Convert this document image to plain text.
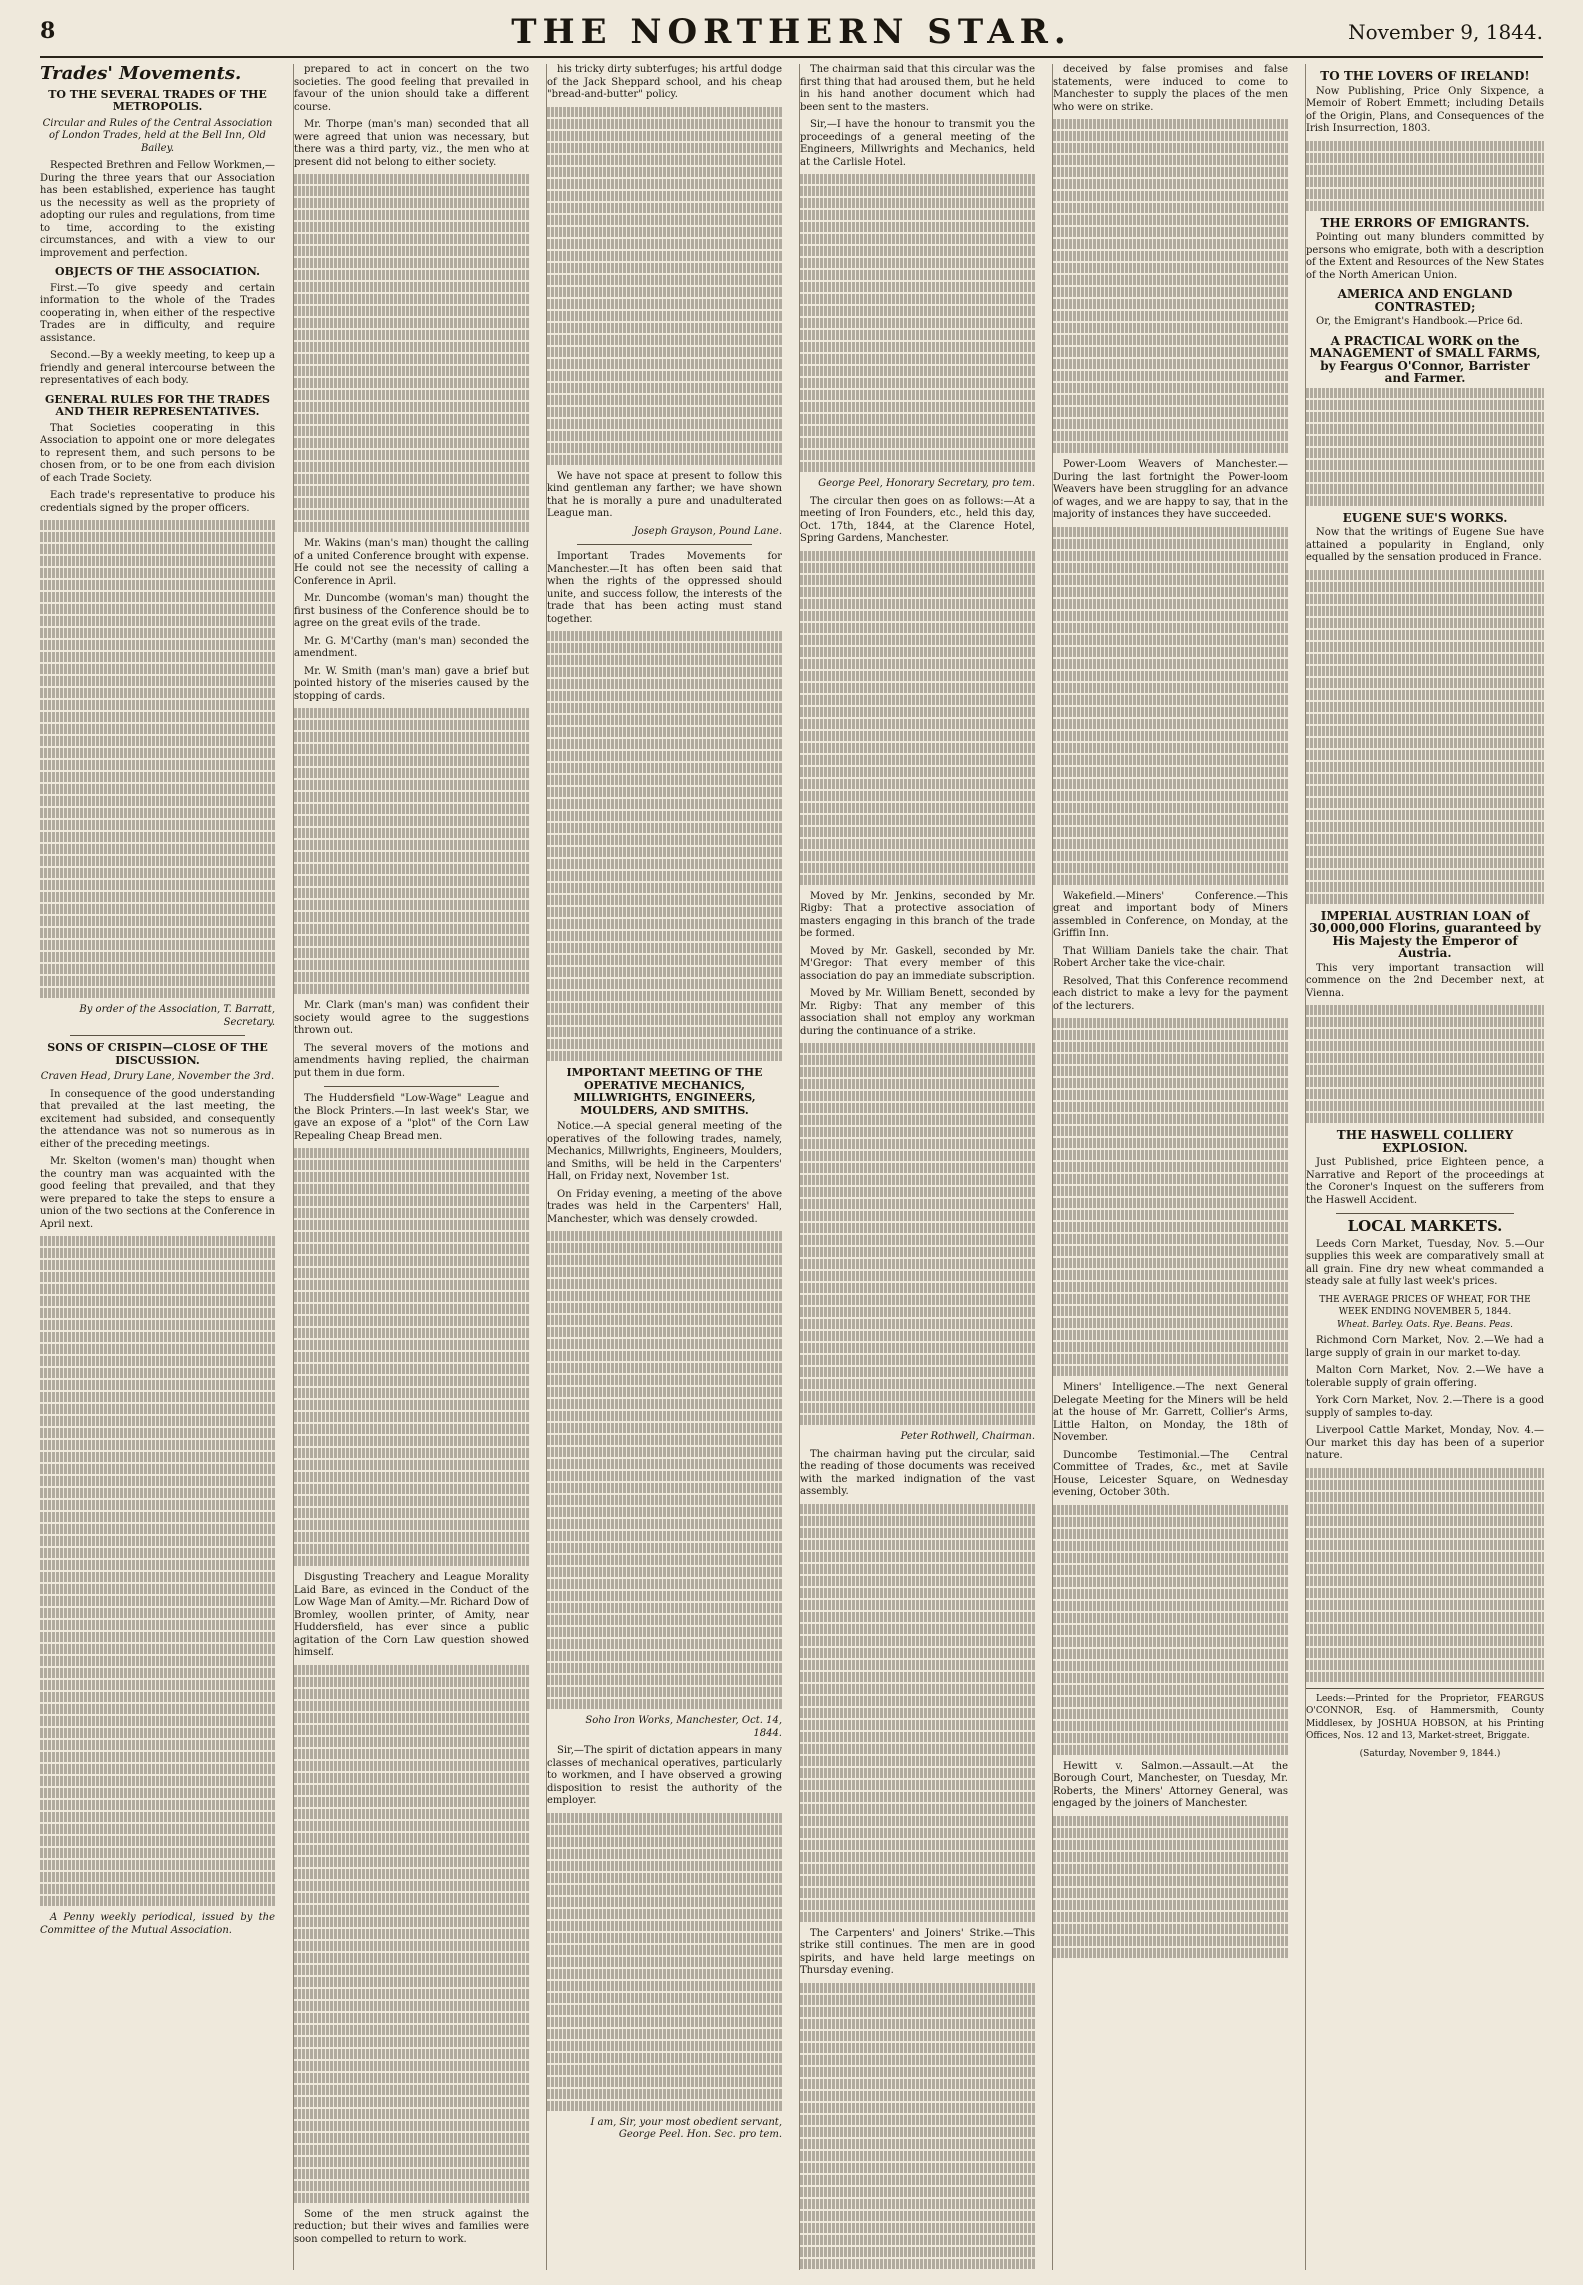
8	THE NORTHERN STAR.	November 9, 1844.
Trades' Movements.
TO THE SEVERAL TRADES OF THE METROPOLIS.

Circular and Rules of the Central Association of London Trades, held at the Bell Inn, Old Bailey.

Respected Brethren and Fellow Workmen,—During the three years that our Association has been established, experience has taught us the necessity as well as the propriety of adopting our rules and regulations, from time to time, according to the existing circumstances, and with a view to our improvement and perfection.

OBJECTS OF THE ASSOCIATION.

First.—To give speedy and certain information to the whole of the Trades cooperating in, when either of the respective Trades are in difficulty, and require assistance.

Second.—By a weekly meeting, to keep up a friendly and general intercourse between the representatives of each body.

GENERAL RULES FOR THE TRADES AND THEIR REPRESENTATIVES.

That Societies cooperating in this Association to appoint one or more delegates to represent them, and such persons to be chosen from, or to be one from each division of each Trade Society.

Each trade's representative to produce his credentials signed by the proper officers.

By order of the Association, T. Barratt, Secretary.

SONS OF CRISPIN—CLOSE OF THE DISCUSSION.

Craven Head, Drury Lane, November the 3rd.

In consequence of the good understanding that prevailed at the last meeting, the excitement had subsided, and consequently the attendance was not so numerous as in either of the preceding meetings.

Mr. Skelton (women's man) thought when the country man was acquainted with the good feeling that prevailed, and that they were prepared to take the steps to ensure a union of the two sections at the Conference in April next.

A Penny weekly periodical, issued by the Committee of the Mutual Association.

prepared to act in concert on the two societies. The good feeling that prevailed in favour of the union should take a different course.

Mr. Thorpe (man's man) seconded that all were agreed that union was necessary, but there was a third party, viz., the men who at present did not belong to either society.

Mr. Wakins (man's man) thought the calling of a united Conference brought with expense. He could not see the necessity of calling a Conference in April.

Mr. Duncombe (woman's man) thought the first business of the Conference should be to agree on the great evils of the trade.

Mr. G. M'Carthy (man's man) seconded the amendment.

Mr. W. Smith (man's man) gave a brief but pointed history of the miseries caused by the stopping of cards.

Mr. Clark (man's man) was confident their society would agree to the suggestions thrown out.

The several movers of the motions and amendments having replied, the chairman put them in due form.

The Huddersfield "Low-Wage" League and the Block Printers.—In last week's Star, we gave an expose of a "plot" of the Corn Law Repealing Cheap Bread men.

Disgusting Treachery and League Morality Laid Bare, as evinced in the Conduct of the Low Wage Man of Amity.—Mr. Richard Dow of Bromley, woollen printer, of Amity, near Huddersfield, has ever since a public agitation of the Corn Law question showed himself.

Some of the men struck against the reduction; but their wives and families were soon compelled to return to work.

his tricky dirty subterfuges; his artful dodge of the Jack Sheppard school, and his cheap "bread-and-butter" policy.

We have not space at present to follow this kind gentleman any farther; we have shown that he is morally a pure and unadulterated League man.

Joseph Grayson, Pound Lane.

Important Trades Movements for Manchester.—It has often been said that when the rights of the oppressed should unite, and success follow, the interests of the trade that has been acting must stand together.

IMPORTANT MEETING OF THE OPERATIVE MECHANICS, MILLWRIGHTS, ENGINEERS, MOULDERS, AND SMITHS.

Notice.—A special general meeting of the operatives of the following trades, namely, Mechanics, Millwrights, Engineers, Moulders, and Smiths, will be held in the Carpenters' Hall, on Friday next, November 1st.

On Friday evening, a meeting of the above trades was held in the Carpenters' Hall, Manchester, which was densely crowded.

Soho Iron Works, Manchester, Oct. 14, 1844.

Sir,—The spirit of dictation appears in many classes of mechanical operatives, particularly to workmen, and I have observed a growing disposition to resist the authority of the employer.

I am, Sir, your most obedient servant, George Peel. Hon. Sec. pro tem.

The chairman said that this circular was the first thing that had aroused them, but he held in his hand another document which had been sent to the masters.

Sir,—I have the honour to transmit you the proceedings of a general meeting of the Engineers, Millwrights and Mechanics, held at the Carlisle Hotel.

George Peel, Honorary Secretary, pro tem.

The circular then goes on as follows:—At a meeting of Iron Founders, etc., held this day, Oct. 17th, 1844, at the Clarence Hotel, Spring Gardens, Manchester.

Moved by Mr. Jenkins, seconded by Mr. Rigby: That a protective association of masters engaging in this branch of the trade be formed.

Moved by Mr. Gaskell, seconded by Mr. M'Gregor: That every member of this association do pay an immediate subscription.

Moved by Mr. William Benett, seconded by Mr. Rigby: That any member of this association shall not employ any workman during the continuance of a strike.

Peter Rothwell, Chairman.

The chairman having put the circular, said the reading of those documents was received with the marked indignation of the vast assembly.

The Carpenters' and Joiners' Strike.—This strike still continues. The men are in good spirits, and have held large meetings on Thursday evening.

deceived by false promises and false statements, were induced to come to Manchester to supply the places of the men who were on strike.

Power-Loom Weavers of Manchester.—During the last fortnight the Power-loom Weavers have been struggling for an advance of wages, and we are happy to say, that in the majority of instances they have succeeded.

Wakefield.—Miners' Conference.—This great and important body of Miners assembled in Conference, on Monday, at the Griffin Inn.

That William Daniels take the chair. That Robert Archer take the vice-chair.

Resolved, That this Conference recommend each district to make a levy for the payment of the lecturers.

Miners' Intelligence.—The next General Delegate Meeting for the Miners will be held at the house of Mr. Garrett, Collier's Arms, Little Halton, on Monday, the 18th of November.

Duncombe Testimonial.—The Central Committee of Trades, &c., met at Savile House, Leicester Square, on Wednesday evening, October 30th.

Hewitt v. Salmon.—Assault.—At the Borough Court, Manchester, on Tuesday, Mr. Roberts, the Miners' Attorney General, was engaged by the joiners of Manchester.

TO THE LOVERS OF IRELAND!

Now Publishing, Price Only Sixpence, a Memoir of Robert Emmett; including Details of the Origin, Plans, and Consequences of the Irish Insurrection, 1803.

THE ERRORS OF EMIGRANTS.

Pointing out many blunders committed by persons who emigrate, both with a description of the Extent and Resources of the New States of the North American Union.

AMERICA AND ENGLAND CONTRASTED;

Or, the Emigrant's Handbook.—Price 6d.

A PRACTICAL WORK on the MANAGEMENT of SMALL FARMS, by Feargus O'Connor, Barrister and Farmer.
EUGENE SUE'S WORKS.

Now that the writings of Eugene Sue have attained a popularity in England, only equalled by the sensation produced in France.

IMPERIAL AUSTRIAN LOAN of 30,000,000 Florins, guaranteed by His Majesty the Emperor of Austria.

This very important transaction will commence on the 2nd December next, at Vienna.

THE HASWELL COLLIERY EXPLOSION.

Just Published, price Eighteen pence, a Narrative and Report of the proceedings at the Coroner's Inquest on the sufferers from the Haswell Accident.

LOCAL MARKETS.

Leeds Corn Market, Tuesday, Nov. 5.—Our supplies this week are comparatively small at all grain. Fine dry new wheat commanded a steady sale at fully last week's prices.

THE AVERAGE PRICES OF WHEAT, FOR THE WEEK ENDING NOVEMBER 5, 1844.
Wheat. Barley. Oats. Rye. Beans. Peas.

Richmond Corn Market, Nov. 2.—We had a large supply of grain in our market to-day.

Malton Corn Market, Nov. 2.—We have a tolerable supply of grain offering.

York Corn Market, Nov. 2.—There is a good supply of samples to-day.

Liverpool Cattle Market, Monday, Nov. 4.—Our market this day has been of a superior nature.

Leeds:—Printed for the Proprietor, FEARGUS O'CONNOR, Esq. of Hammersmith, County Middlesex, by JOSHUA HOBSON, at his Printing Offices, Nos. 12 and 13, Market-street, Briggate.

(Saturday, November 9, 1844.)
